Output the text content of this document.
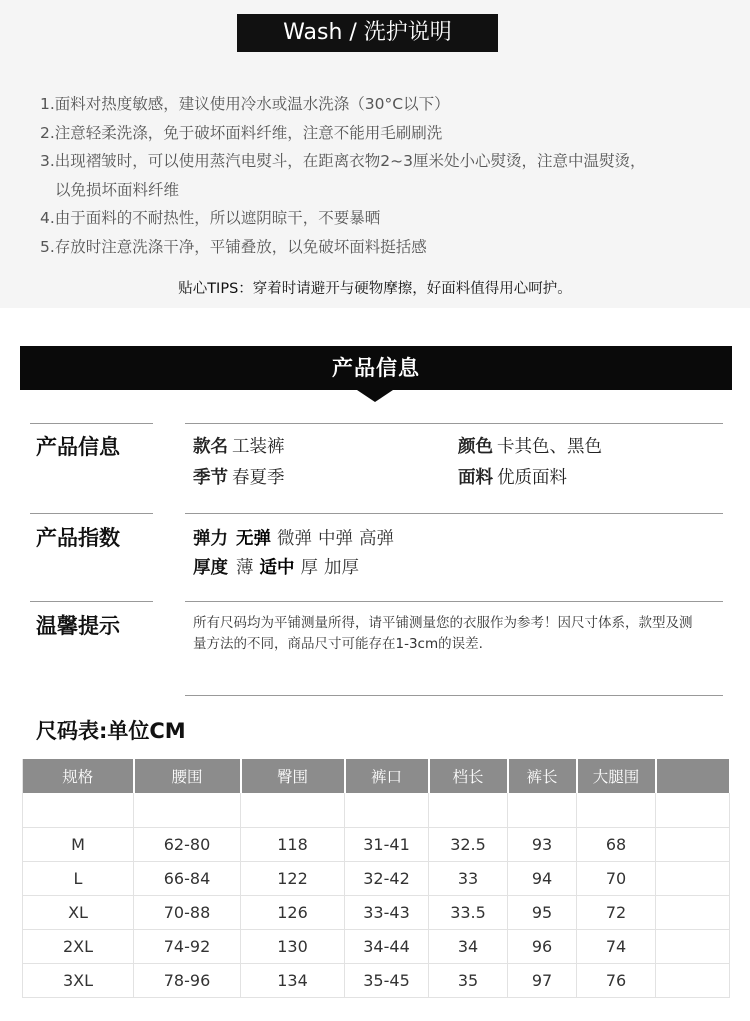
Wash / 洗护说明
1.面料对热度敏感，建议使用冷水或温水洗涤（30°C以下）
2.注意轻柔洗涤，免于破坏面料纤维，注意不能用毛刷刷洗
3.出现褶皱时，可以使用蒸汽电熨斗，在距离衣物2~3厘米处小心熨烫，注意中温熨烫，
以免损坏面料纤维
4.由于面料的不耐热性，所以遮阴晾干，不要暴晒
5.存放时注意洗涤干净，平铺叠放，以免破坏面料挺括感
贴心TIPS：穿着时请避开与硬物摩擦，好面料值得用心呵护。
产品信息
产品信息	款名 工装裤	颜色 卡其色、黑色
季节 春夏季	面料 优质面料
产品指数	弹力 无弹 微弹 中弹 高弹
厚度 薄 适中 厚 加厚
温馨提示	所有尺码均为平铺测量所得，请平铺测量您的衣服作为参考！因尺寸体系，款型及测量方法的不同，商品尺寸可能存在1-3cm的误差.
尺码表:单位CM
规格	腰围	臀围	裤口	档长	裤长	大腿围	

M	62-80	118	31-41	32.5	93	68	
L	66-84	122	32-42	33	94	70	
XL	70-88	126	33-43	33.5	95	72	
2XL	74-92	130	34-44	34	96	74	
3XL	78-96	134	35-45	35	97	76	
